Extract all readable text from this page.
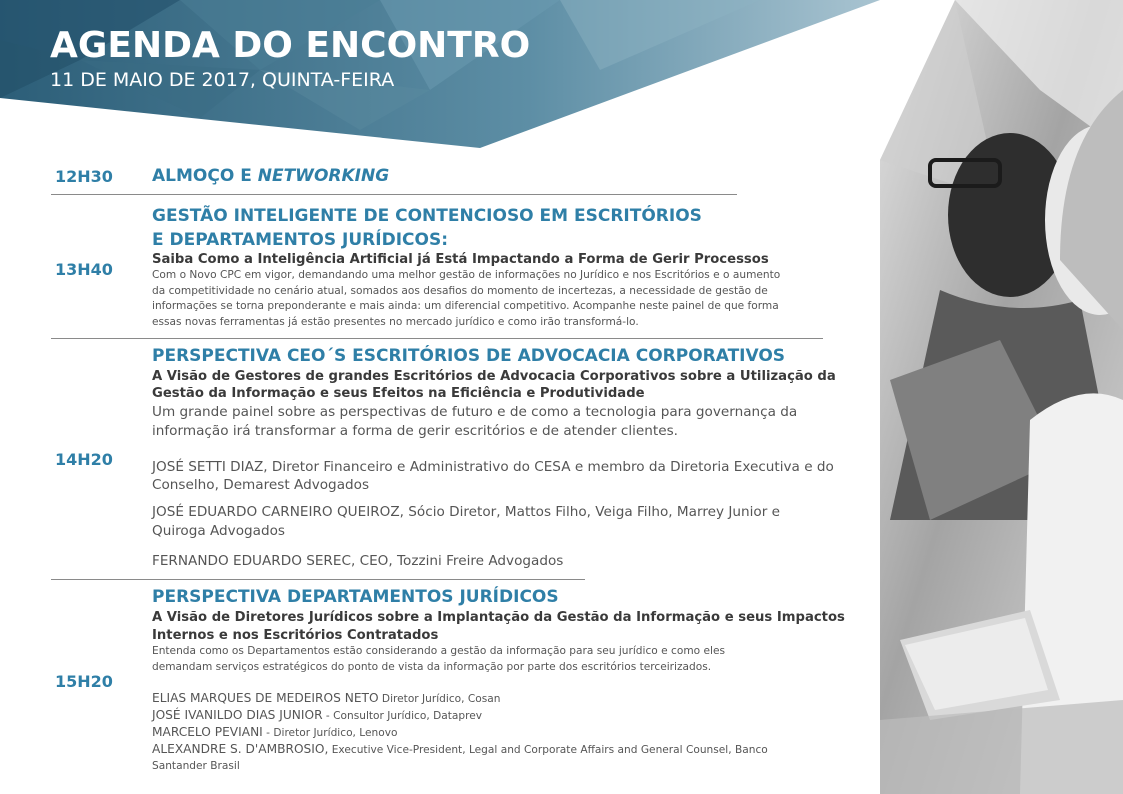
AGENDA DO ENCONTRO
11 DE MAIO DE 2017, QUINTA-FEIRA
12H30 ALMOÇO E NETWORKING
13H40
GESTÃO INTELIGENTE DE CONTENCIOSO EM ESCRITÓRIOS
E DEPARTAMENTOS JURÍDICOS:
Saiba Como a Inteligência Artificial já Está Impactando a Forma de Gerir Processos
Com o Novo CPC em vigor, demandando uma melhor gestão de informações no Jurídico e nos Escritórios e o aumento
da competitividade no cenário atual, somados aos desafios do momento de incertezas, a necessidade de gestão de
informações se torna preponderante e mais ainda: um diferencial competitivo. Acompanhe neste painel de que forma
essas novas ferramentas já estão presentes no mercado jurídico e como irão transformá-lo.
14H20
PERSPECTIVA CEO´S ESCRITÓRIOS DE ADVOCACIA CORPORATIVOS
A Visão de Gestores de grandes Escritórios de Advocacia Corporativos sobre a Utilização da
Gestão da Informação e seus Efeitos na Eficiência e Produtividade
Um grande painel sobre as perspectivas de futuro e de como a tecnologia para governança da
informação irá transformar a forma de gerir escritórios e de atender clientes.
JOSÉ SETTI DIAZ, Diretor Financeiro e Administrativo do CESA e membro da Diretoria Executiva e do
Conselho, Demarest Advogados
JOSÉ EDUARDO CARNEIRO QUEIROZ, Sócio Diretor, Mattos Filho, Veiga Filho, Marrey Junior e
Quiroga Advogados
FERNANDO EDUARDO SEREC, CEO, Tozzini Freire Advogados
15H20
PERSPECTIVA DEPARTAMENTOS JURÍDICOS
A Visão de Diretores Jurídicos sobre a Implantação da Gestão da Informação e seus Impactos
Internos e nos Escritórios Contratados
Entenda como os Departamentos estão considerando a gestão da informação para seu jurídico e como eles
demandam serviços estratégicos do ponto de vista da informação por parte dos escritórios terceirizados.
ELIAS MARQUES DE MEDEIROS NETO Diretor Jurídico, Cosan
JOSÉ IVANILDO DIAS JUNIOR - Consultor Jurídico, Dataprev
MARCELO PEVIANI - Diretor Jurídico, Lenovo
ALEXANDRE S. D'AMBROSIO, Executive Vice-President, Legal and Corporate Affairs and General Counsel, Banco
Santander Brasil
